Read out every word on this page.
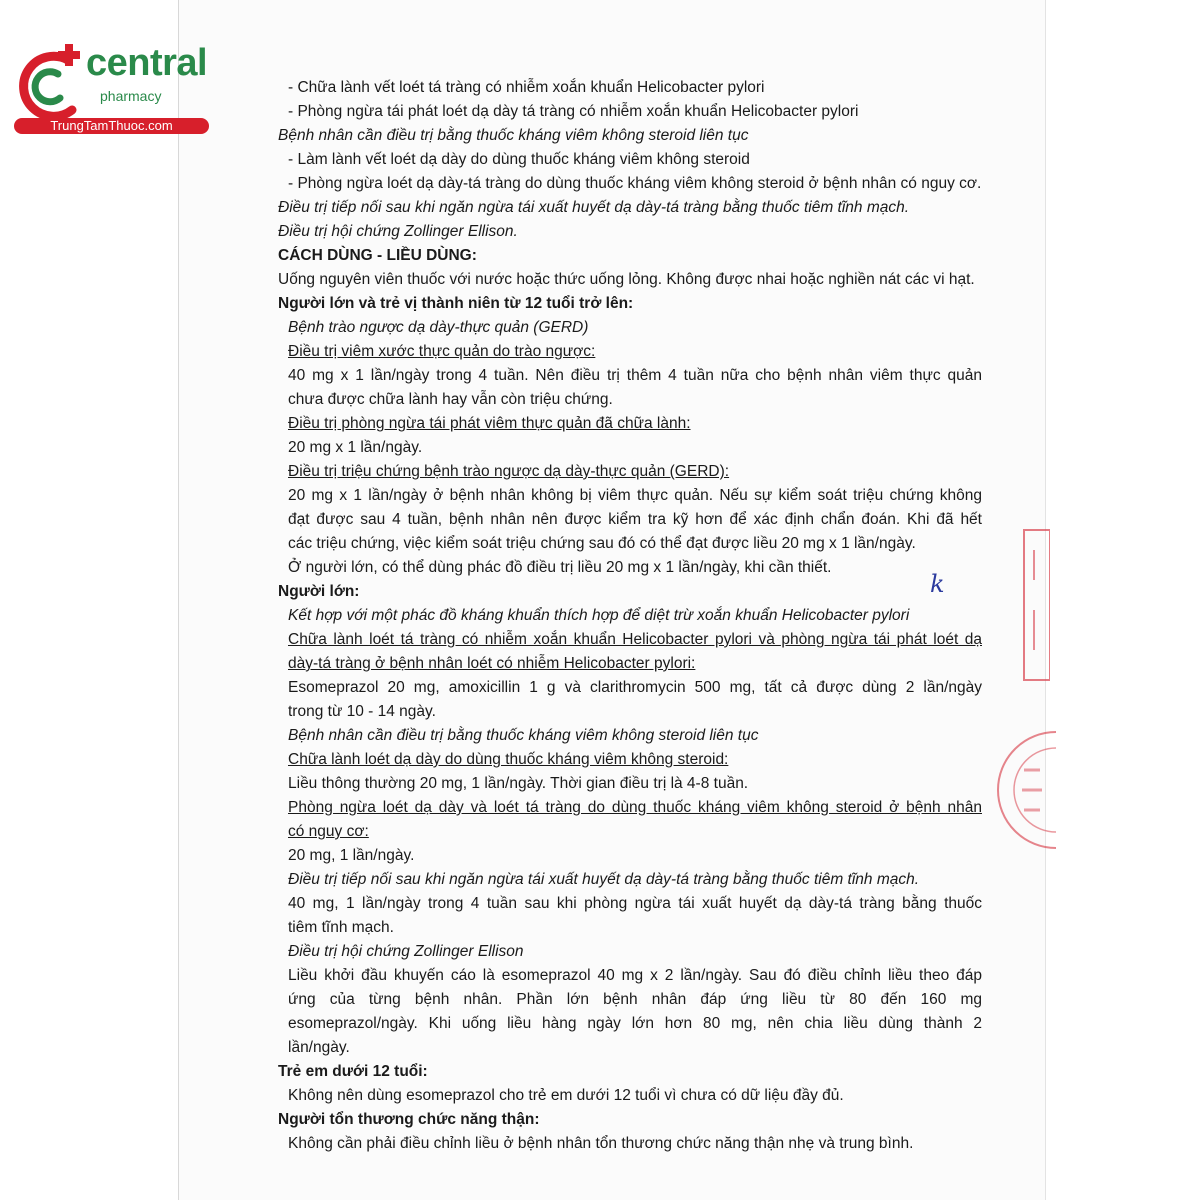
central
pharmacy
TrungTamThuoc.com
- Chữa lành vết loét tá tràng có nhiễm xoắn khuẩn Helicobacter pylori
- Phòng ngừa tái phát loét dạ dày tá tràng có nhiễm xoắn khuẩn Helicobacter pylori
Bệnh nhân cần điều trị bằng thuốc kháng viêm không steroid liên tục
- Làm lành vết loét dạ dày do dùng thuốc kháng viêm không steroid
- Phòng ngừa loét dạ dày-tá tràng do dùng thuốc kháng viêm không steroid ở bệnh nhân có nguy cơ.
Điều trị tiếp nối sau khi ngăn ngừa tái xuất huyết dạ dày-tá tràng bằng thuốc tiêm tĩnh mạch.
Điều trị hội chứng Zollinger Ellison.
CÁCH DÙNG - LIỀU DÙNG:
Uống nguyên viên thuốc với nước hoặc thức uống lỏng. Không được nhai hoặc nghiền nát các vi hạt.
Người lớn và trẻ vị thành niên từ 12 tuổi trở lên:
Bệnh trào ngược dạ dày-thực quản (GERD)
Điều trị viêm xước thực quản do trào ngược:
40 mg x 1 lần/ngày trong 4 tuần. Nên điều trị thêm 4 tuần nữa cho bệnh nhân viêm thực quản
chưa được chữa lành hay vẫn còn triệu chứng.
Điều trị phòng ngừa tái phát viêm thực quản đã chữa lành:
20 mg x 1 lần/ngày.
Điều trị triệu chứng bệnh trào ngược dạ dày-thực quản (GERD):
20 mg x 1 lần/ngày ở bệnh nhân không bị viêm thực quản. Nếu sự kiểm soát triệu chứng không
đạt được sau 4 tuần, bệnh nhân nên được kiểm tra kỹ hơn để xác định chẩn đoán. Khi đã hết
các triệu chứng, việc kiểm soát triệu chứng sau đó có thể đạt được liều 20 mg x 1 lần/ngày.
Ở người lớn, có thể dùng phác đồ điều trị liều 20 mg x 1 lần/ngày, khi cần thiết.
Người lớn:
Kết hợp với một phác đồ kháng khuẩn thích hợp để diệt trừ xoắn khuẩn Helicobacter pylori
Chữa lành loét tá tràng có nhiễm xoắn khuẩn Helicobacter pylori và phòng ngừa tái phát loét dạ
dày-tá tràng ở bệnh nhân loét có nhiễm Helicobacter pylori:
Esomeprazol 20 mg, amoxicillin 1 g và clarithromycin 500 mg, tất cả được dùng 2 lần/ngày
trong từ 10 - 14 ngày.
Bệnh nhân cần điều trị bằng thuốc kháng viêm không steroid liên tục
Chữa lành loét dạ dày do dùng thuốc kháng viêm không steroid:
Liều thông thường 20 mg, 1 lần/ngày. Thời gian điều trị là 4-8 tuần.
Phòng ngừa loét dạ dày và loét tá tràng do dùng thuốc kháng viêm không steroid ở bệnh nhân
có nguy cơ:
20 mg, 1 lần/ngày.
Điều trị tiếp nối sau khi ngăn ngừa tái xuất huyết dạ dày-tá tràng bằng thuốc tiêm tĩnh mạch.
40 mg, 1 lần/ngày trong 4 tuần sau khi phòng ngừa tái xuất huyết dạ dày-tá tràng bằng thuốc
tiêm tĩnh mạch.
Điều trị hội chứng Zollinger Ellison
Liều khởi đầu khuyến cáo là esomeprazol 40 mg x 2 lần/ngày. Sau đó điều chỉnh liều theo đáp
ứng của từng bệnh nhân. Phần lớn bệnh nhân đáp ứng liều từ 80 đến 160 mg
esomeprazol/ngày. Khi uống liều hàng ngày lớn hơn 80 mg, nên chia liều dùng thành 2
lần/ngày.
Trẻ em dưới 12 tuổi:
Không nên dùng esomeprazol cho trẻ em dưới 12 tuổi vì chưa có dữ liệu đầy đủ.
Người tổn thương chức năng thận:
Không cần phải điều chỉnh liều ở bệnh nhân tổn thương chức năng thận nhẹ và trung bình.
k
